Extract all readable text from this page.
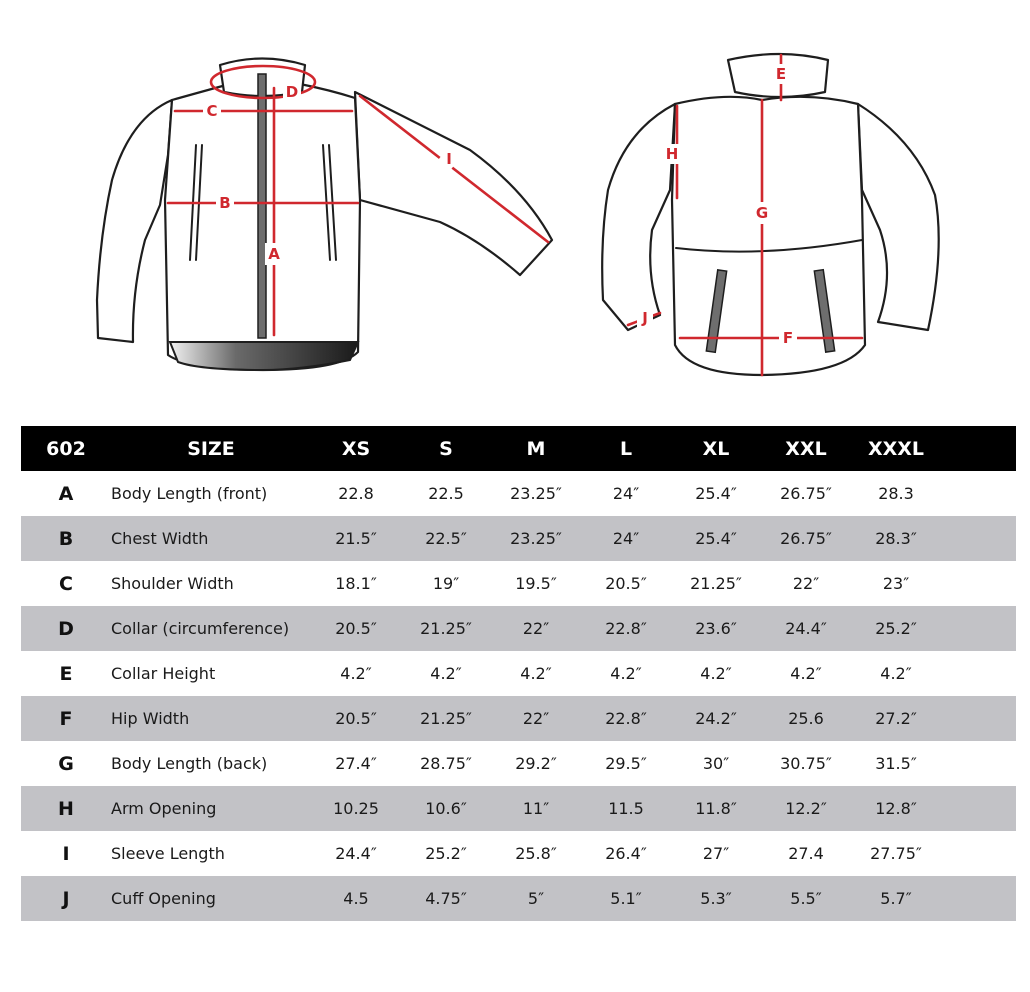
C
B
A
D
I
E
G
H
F
J
602	SIZE	XS	S	M	L	XL	XXL	XXXL	
A	Body Length (front)	22.8	22.5	23.25″	24″	25.4″	26.75″	28.3	
B	Chest Width	21.5″	22.5″	23.25″	24″	25.4″	26.75″	28.3″	
C	Shoulder Width	18.1″	19″	19.5″	20.5″	21.25″	22″	23″	
D	Collar (circumference)	20.5″	21.25″	22″	22.8″	23.6″	24.4″	25.2″	
E	Collar Height	4.2″	4.2″	4.2″	4.2″	4.2″	4.2″	4.2″	
F	Hip Width	20.5″	21.25″	22″	22.8″	24.2″	25.6	27.2″	
G	Body Length (back)	27.4″	28.75″	29.2″	29.5″	30″	30.75″	31.5″	
H	Arm Opening	10.25	10.6″	11″	11.5	11.8″	12.2″	12.8″	
I	Sleeve Length	24.4″	25.2″	25.8″	26.4″	27″	27.4	27.75″	
J	Cuff Opening	4.5	4.75″	5″	5.1″	5.3″	5.5″	5.7″	
